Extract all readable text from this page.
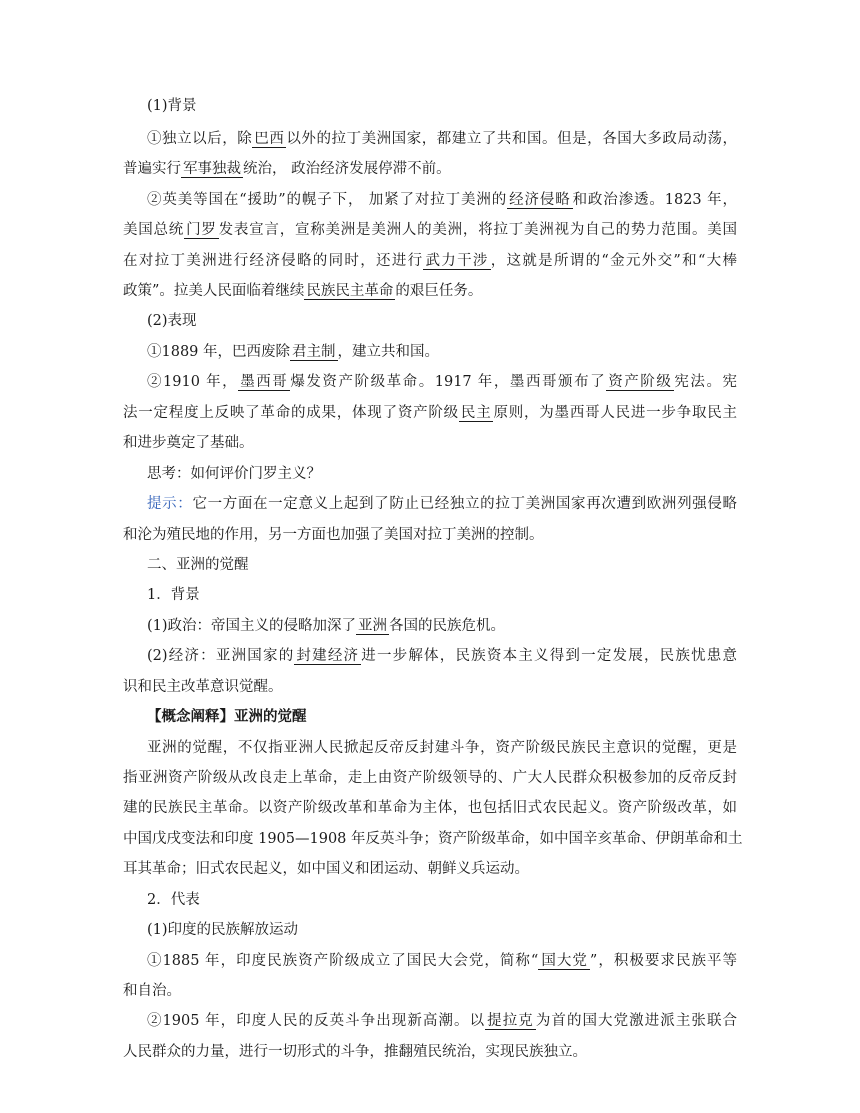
(1)背景
①独立以后，除 巴西 以外的拉丁美洲国家，都建立了共和国。但是，各国大多政局动荡，
普遍实行 军事独裁 统治， 政治经济发展停滞不前。
②英美等国在“援助”的幌子下， 加紧了对拉丁美洲的 经济侵略 和政治渗透。1823 年，
美国总统 门罗 发表宣言，宣称美洲是美洲人的美洲，将拉丁美洲视为自己的势力范围。美国
在对拉丁美洲进行经济侵略的同时，还进行 武力干涉 ，这就是所谓的“金元外交”和“大棒
政策”。拉美人民面临着继续 民族民主革命 的艰巨任务。
(2)表现
①1889 年，巴西废除 君主制 ，建立共和国。
②1910 年， 墨西哥 爆发资产阶级革命。1917 年，墨西哥颁布了 资产阶级 宪法。宪
法一定程度上反映了革命的成果，体现了资产阶级 民主 原则，为墨西哥人民进一步争取民主
和进步奠定了基础。
思考：如何评价门罗主义？
提示：它一方面在一定意义上起到了防止已经独立的拉丁美洲国家再次遭到欧洲列强侵略
和沦为殖民地的作用，另一方面也加强了美国对拉丁美洲的控制。
二、亚洲的觉醒
1．背景
(1)政治：帝国主义的侵略加深了 亚洲 各国的民族危机。
(2)经济：亚洲国家的 封建经济 进一步解体，民族资本主义得到一定发展，民族忧患意
识和民主改革意识觉醒。
【概念阐释】亚洲的觉醒
亚洲的觉醒，不仅指亚洲人民掀起反帝反封建斗争，资产阶级民族民主意识的觉醒，更是
指亚洲资产阶级从改良走上革命，走上由资产阶级领导的、广大人民群众积极参加的反帝反封
建的民族民主革命。以资产阶级改革和革命为主体，也包括旧式农民起义。资产阶级改革，如
中国戊戌变法和印度 1905—1908 年反英斗争；资产阶级革命，如中国辛亥革命、伊朗革命和土
耳其革命；旧式农民起义，如中国义和团运动、朝鲜义兵运动。
2．代表
(1)印度的民族解放运动
①1885 年，印度民族资产阶级成立了国民大会党，简称“ 国大党 ”，积极要求民族平等
和自治。
②1905 年，印度人民的反英斗争出现新高潮。以 提拉克 为首的国大党激进派主张联合
人民群众的力量，进行一切形式的斗争，推翻殖民统治，实现民族独立。
